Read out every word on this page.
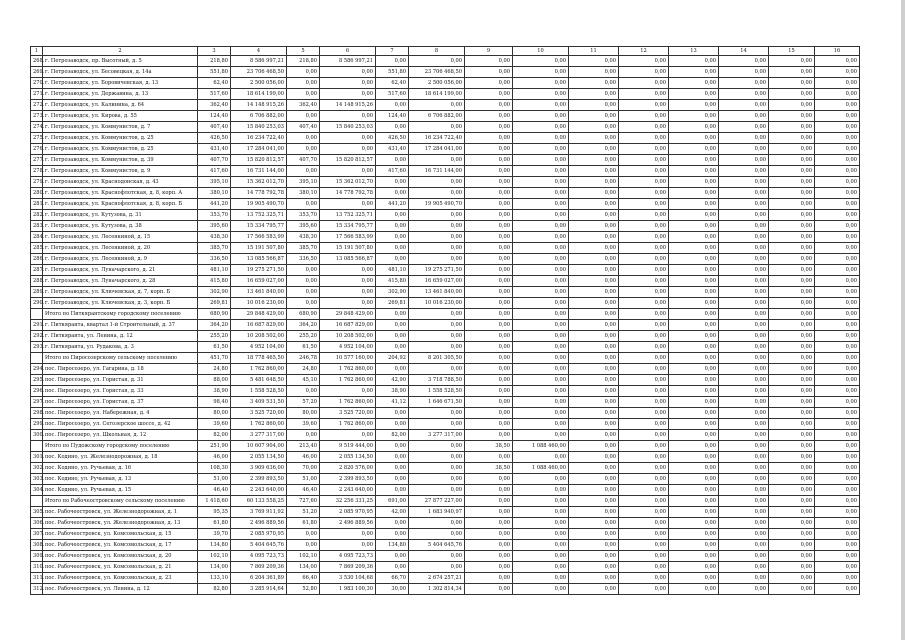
1	2	3	4	5	6	7	8	9	10	11	12	13	14	15	16
268.	г. Петрозаводск, пр. Высотный, д. 5	218,80	8 586 997,21	218,80	8 586 997,21	0,00	0,00	0,00	0,00	0,00	0,00	0,00	0,00	0,00	0,00
269.	г. Петрозаводск, ул. Бесовецкая, д. 14а	551,80	23 706 468,50	0,00	0,00	551,80	23 706 468,50	0,00	0,00	0,00	0,00	0,00	0,00	0,00	0,00
270.	г. Петрозаводск, ул. Боровичевская, д. 13	62,40	2 500 056,00	0,00	0,00	62,40	2 500 056,00	0,00	0,00	0,00	0,00	0,00	0,00	0,00	0,00
271.	г. Петрозаводск, ул. Державина, д. 13	517,60	18 614 199,00	0,00	0,00	517,60	18 614 199,00	0,00	0,00	0,00	0,00	0,00	0,00	0,00	0,00
272.	г. Петрозаводск, ул. Калинина, д. 64	362,40	14 148 915,26	362,40	14 148 915,26	0,00	0,00	0,00	0,00	0,00	0,00	0,00	0,00	0,00	0,00
273.	г. Петрозаводск, ул. Кирова, д. 55	124,40	6 706 882,00	0,00	0,00	124,40	6 706 882,00	0,00	0,00	0,00	0,00	0,00	0,00	0,00	0,00
274.	г. Петрозаводск, ул. Коммунистов, д. 7	407,40	15 840 253,03	407,40	15 840 253,03	0,00	0,00	0,00	0,00	0,00	0,00	0,00	0,00	0,00	0,00
275.	г. Петрозаводск, ул. Коммунистов, д. 25	426,50	16 234 722,40	0,00	0,00	426,50	16 234 722,40	0,00	0,00	0,00	0,00	0,00	0,00	0,00	0,00
276.	г. Петрозаводск, ул. Коммунистов, д. 25	431,40	17 284 041,00	0,00	0,00	431,40	17 284 041,00	0,00	0,00	0,00	0,00	0,00	0,00	0,00	0,00
277.	г. Петрозаводск, ул. Коммунистов, д. 39	407,70	15 820 812,57	407,70	15 820 812,57	0,00	0,00	0,00	0,00	0,00	0,00	0,00	0,00	0,00	0,00
278.	г. Петрозаводск, ул. Коммунистов, д. 9	417,60	16 731 144,00	0,00	0,00	417,60	16 731 144,00	0,00	0,00	0,00	0,00	0,00	0,00	0,00	0,00
279.	г. Петрозаводск, ул. Краснодонская, д. 43	395,10	15 362 012,70	395,10	15 362 012,70	0,00	0,00	0,00	0,00	0,00	0,00	0,00	0,00	0,00	0,00
280.	г. Петрозаводск, ул. Краснофлотская, д. 8, корп. А	380,10	14 778 792,78	380,10	14 778 792,78	0,00	0,00	0,00	0,00	0,00	0,00	0,00	0,00	0,00	0,00
281.	г. Петрозаводск, ул. Краснофлотская, д. 8, корп. Б	441,20	19 905 490,70	0,00	0,00	441,20	19 905 490,70	0,00	0,00	0,00	0,00	0,00	0,00	0,00	0,00
282.	г. Петрозаводск, ул. Кутузова, д. 31	353,70	13 752 325,71	353,70	13 752 325,71	0,00	0,00	0,00	0,00	0,00	0,00	0,00	0,00	0,00	0,00
283.	г. Петрозаводск, ул. Кутузова, д. 38	395,60	15 334 795,77	395,60	15 334 795,77	0,00	0,00	0,00	0,00	0,00	0,00	0,00	0,00	0,00	0,00
284.	г. Петрозаводск, ул. Лесенкиной, д. 15	438,30	17 566 583,99	438,30	17 566 583,99	0,00	0,00	0,00	0,00	0,00	0,00	0,00	0,00	0,00	0,00
285.	г. Петрозаводск, ул. Лесенкиной, д. 20	385,70	15 191 507,80	385,70	15 191 507,80	0,00	0,00	0,00	0,00	0,00	0,00	0,00	0,00	0,00	0,00
286.	г. Петрозаводск, ул. Лесенкиной, д. 9	336,50	13 085 566,87	336,50	13 085 566,87	0,00	0,00	0,00	0,00	0,00	0,00	0,00	0,00	0,00	0,00
287.	г. Петрозаводск, ул. Луначарского, д. 21	481,10	19 275 271,50	0,00	0,00	481,10	19 275 271,50	0,00	0,00	0,00	0,00	0,00	0,00	0,00	0,00
288.	г. Петрозаводск, ул. Луначарского, д. 28	415,80	16 659 027,00	0,00	0,00	415,80	16 659 027,00	0,00	0,00	0,00	0,00	0,00	0,00	0,00	0,00
289.	г. Петрозаводск, ул. Ключевская, д. 7, корп. Б	302,90	13 461 840,00	0,00	0,00	302,90	13 461 840,00	0,00	0,00	0,00	0,00	0,00	0,00	0,00	0,00
290.	г. Петрозаводск, ул. Ключевская, д. 3, корп. Б	269,81	10 016 230,00	0,00	0,00	269,81	10 016 230,00	0,00	0,00	0,00	0,00	0,00	0,00	0,00	0,00
	Итого по Питкярантскому городскому поселению	680,90	29 848 429,00	680,90	29 848 429,00	0,00	0,00	0,00	0,00	0,00	0,00	0,00	0,00	0,00	0,00
291.	г. Питкяранта, квартал 1-й Строительный, д. 37	364,20	16 687 829,00	364,20	16 687 829,00	0,00	0,00	0,00	0,00	0,00	0,00	0,00	0,00	0,00	0,00
292.	г. Питкяранта, ул. Ленина, д. 12	255,20	10 208 502,00	255,20	10 208 502,00	0,00	0,00	0,00	0,00	0,00	0,00	0,00	0,00	0,00	0,00
293.	г. Питкяранта, ул. Рудакова, д. 3	61,50	4 952 104,00	61,50	4 952 104,00	0,00	0,00	0,00	0,00	0,00	0,00	0,00	0,00	0,00	0,00
	Итого по Пиросозерскому сельскому поселению	451,70	18 778 465,50	246,78	10 577 160,00	204,92	8 201 305,50	0,00	0,00	0,00	0,00	0,00	0,00	0,00	0,00
294.	пос. Пиросозеро, ул. Гагарина, д. 18	24,80	1 762 860,00	24,80	1 762 860,00	0,00	0,00	0,00	0,00	0,00	0,00	0,00	0,00	0,00	0,00
295.	пос. Пиросозеро, ул. Гористая, д. 31	88,00	5 481 648,50	45,10	1 762 860,00	42,90	3 718 788,50	0,00	0,00	0,00	0,00	0,00	0,00	0,00	0,00
296.	пос. Пиросозеро, ул. Гористая, д. 33	38,90	1 558 528,50	0,00	0,00	38,90	1 558 528,50	0,00	0,00	0,00	0,00	0,00	0,00	0,00	0,00
297.	пос. Пиросозеро, ул. Гористая, д. 37	98,40	3 409 531,50	57,20	1 762 860,00	41,12	1 646 671,50	0,00	0,00	0,00	0,00	0,00	0,00	0,00	0,00
298.	пос. Пиросозеро, ул. Набережная, д. 4	80,00	3 525 720,00	80,00	3 525 720,00	0,00	0,00	0,00	0,00	0,00	0,00	0,00	0,00	0,00	0,00
299.	пос. Пиросозеро, ул. Сегозерское шоссе, д. 42	39,60	1 762 860,00	39,60	1 762 860,00	0,00	0,00	0,00	0,00	0,00	0,00	0,00	0,00	0,00	0,00
300.	пос. Пиросозеро, ул. Школьная, д. 12	82,00	3 277 317,00	0,00	0,00	82,00	3 277 317,00	0,00	0,00	0,00	0,00	0,00	0,00	0,00	0,00
	Итого по Пудожскому городскому поселению	251,90	10 607 904,00	213,40	9 519 444,00	0,00	0,00	38,50	1 088 460,00	0,00	0,00	0,00	0,00	0,00	0,00
301.	пос. Кодино, ул. Железнодорожная, д. 18	46,00	2 055 134,50	46,00	2 055 134,50	0,00	0,00	0,00	0,00	0,00	0,00	0,00	0,00	0,00	0,00
302.	пос. Кодино, ул. Ручьевая, д. 16	108,30	3 909 636,00	70,00	2 820 576,00	0,00	0,00	38,50	1 088 460,00	0,00	0,00	0,00	0,00	0,00	0,00
303.	пос. Кодино, ул. Ручьевая, д. 13	51,00	2 399 893,50	51,00	2 399 893,50	0,00	0,00	0,00	0,00	0,00	0,00	0,00	0,00	0,00	0,00
304.	пос. Кодино, ул. Ручьевая, д. 15	46,40	2 243 640,00	46,40	2 243 640,00	0,00	0,00	0,00	0,00	0,00	0,00	0,00	0,00	0,00	0,00
	Итого по Рабочеостровскому сельскому поселению	1 418,60	60 133 558,25	727,60	32 256 331,25	691,00	27 877 227,00	0,00	0,00	0,00	0,00	0,00	0,00	0,00	0,00
305.	пос. Рабочеостровск, ул. Железнодорожная, д. 1	95,35	3 769 911,92	51,20	2 085 970,95	42,00	1 683 940,97	0,00	0,00	0,00	0,00	0,00	0,00	0,00	0,00
306.	пос. Рабочеостровск, ул. Железнодорожная, д. 13	61,80	2 496 889,56	61,80	2 496 889,56	0,00	0,00	0,00	0,00	0,00	0,00	0,00	0,00	0,00	0,00
307.	пос. Рабочеостровск, ул. Комсомольская, д. 15	39,70	2 085 970,95	0,00	0,00	0,00	0,00	0,00	0,00	0,00	0,00	0,00	0,00	0,00	0,00
308.	пос. Рабочеостровск, ул. Комсомольская, д. 17	134,80	5 404 645,76	0,00	0,00	134,80	5 404 645,76	0,00	0,00	0,00	0,00	0,00	0,00	0,00	0,00
309.	пос. Рабочеостровск, ул. Комсомольская, д. 20	102,10	4 095 723,73	102,10	4 095 723,73	0,00	0,00	0,00	0,00	0,00	0,00	0,00	0,00	0,00	0,00
310.	пос. Рабочеостровск, ул. Комсомольская, д. 21	134,00	7 869 209,36	134,00	7 869 209,36	0,00	0,00	0,00	0,00	0,00	0,00	0,00	0,00	0,00	0,00
311.	пос. Рабочеостровск, ул. Комсомольская, д. 23	133,10	6 204 361,89	66,40	3 530 104,68	66,70	2 674 257,21	0,00	0,00	0,00	0,00	0,00	0,00	0,00	0,00
312.	пос. Рабочеостровск, ул. Ленина, д. 12	82,80	3 285 914,64	52,80	1 983 100,30	30,00	1 302 814,34	0,00	0,00	0,00	0,00	0,00	0,00	0,00	0,00
